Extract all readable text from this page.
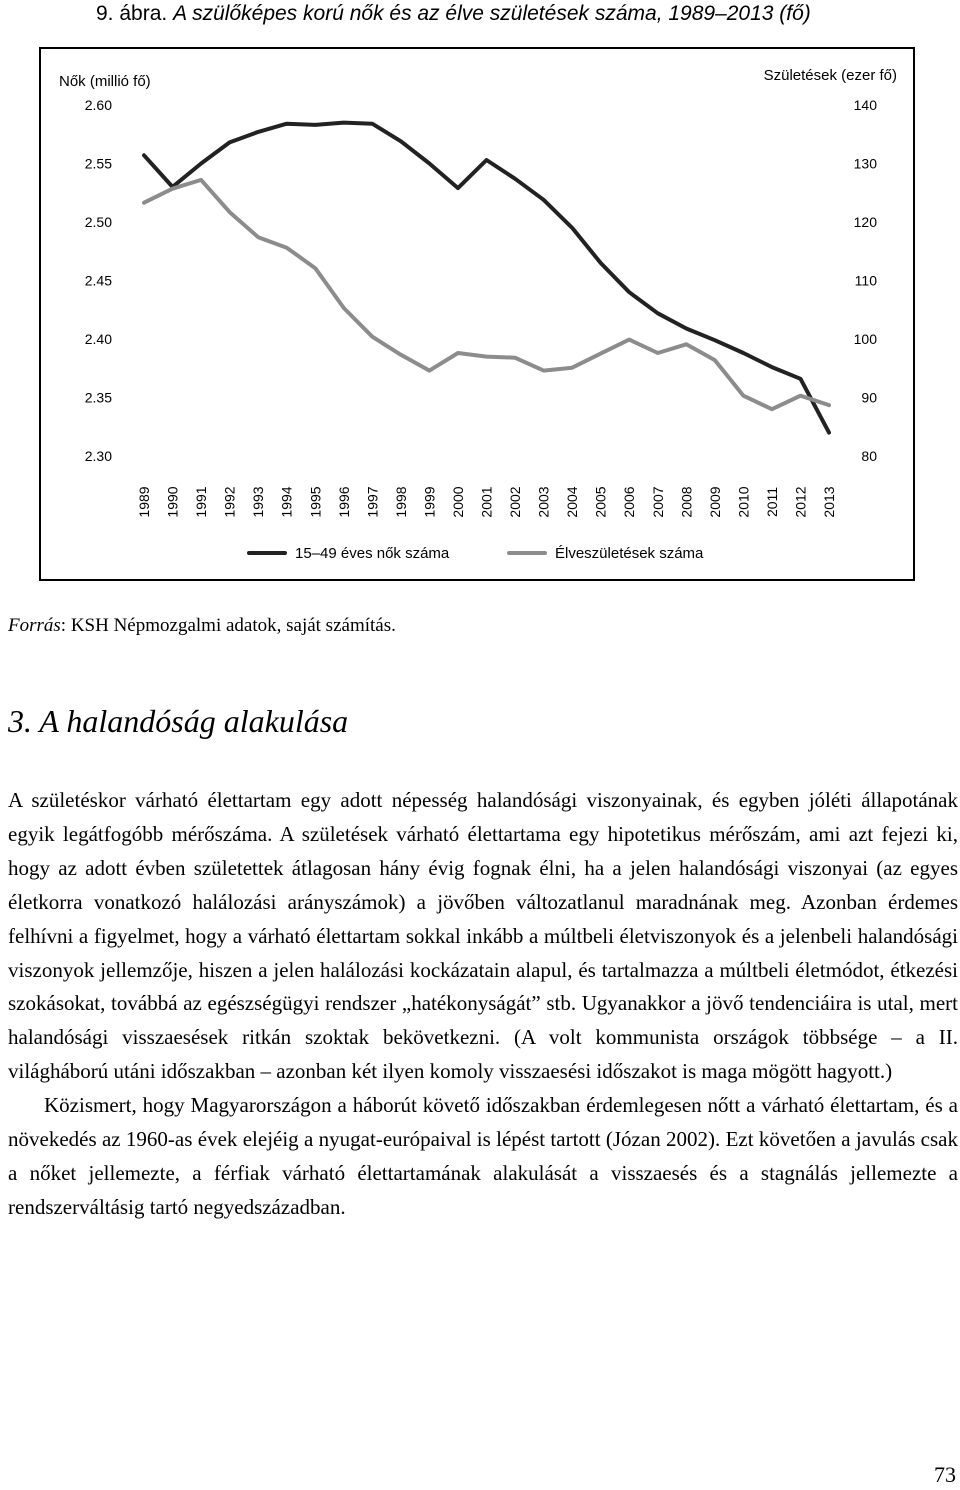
9. ábra. A szülőképes korú nők és az élve születések száma, 1989–2013 (fő)
Nők (millió fő)	Születések (ezer fő)
2.60
2.55
2.50
2.45
2.40
2.35
2.30
140
130
120
110
100
90
80
1989 1990 1991 1992 1993 1994 1995 1996 1997 1998 1999 2000 2001 2002 2003 2004 2005 2006 2007 2008 2009 2010 2011 2012 2013
15–49 éves nők száma	Élveszületések száma
Forrás: KSH Népmozgalmi adatok, saját számítás.
3. A halandóság alakulása

A születéskor várható élettartam egy adott népesség halandósági viszonyainak, és egyben jóléti állapotának egyik legátfogóbb mérőszáma. A születések várható élettartama egy hipotetikus mérőszám, ami azt fejezi ki, hogy az adott évben születettek átlagosan hány évig fognak élni, ha a jelen halandósági viszonyai (az egyes életkorra vonatkozó halálozási arányszámok) a jövőben változatlanul maradnának meg. Azonban érdemes felhívni a figyelmet, hogy a várható élettartam sokkal inkább a múltbeli életviszonyok és a jelenbeli halandósági viszonyok jellemzője, hiszen a jelen halálozási kockázatain alapul, és tartalmazza a múltbeli életmódot, étkezési szokásokat, továbbá az egészségügyi rendszer „hatékonyságát” stb. Ugyanakkor a jövő tendenciáira is utal, mert halandósági visszaesések ritkán szoktak bekövetkezni. (A volt kommunista országok többsége – a II. világháború utáni időszakban – azonban két ilyen komoly visszaesési időszakot is maga mögött hagyott.)

Közismert, hogy Magyarországon a háborút követő időszakban érdemlegesen nőtt a várható élettartam, és a növekedés az 1960-as évek elejéig a nyugat-európaival is lépést tartott (Józan 2002). Ezt követően a javulás csak a nőket jellemezte, a férfiak várható élettartamának alakulását a visszaesés és a stagnálás jellemezte a rendszerváltásig tartó negyedszázadban.

73
